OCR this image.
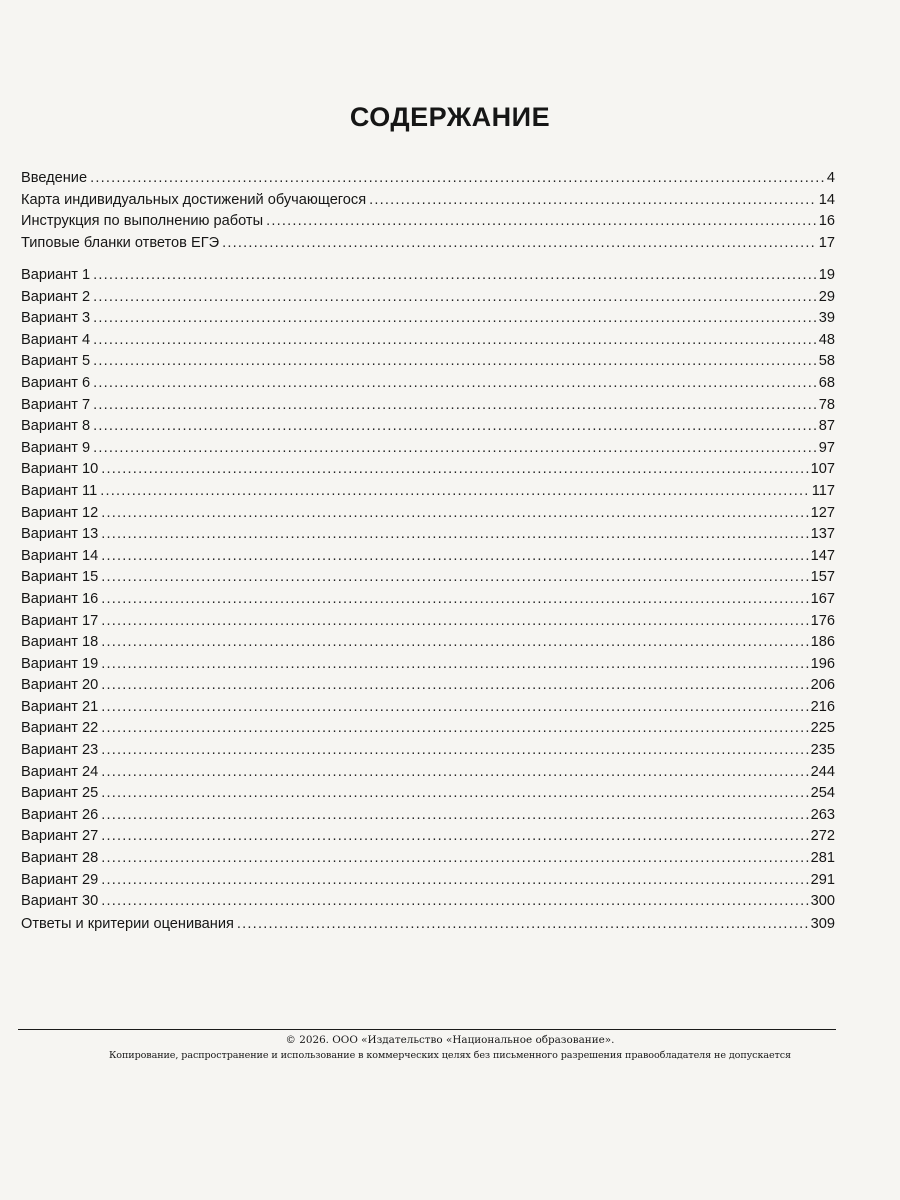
СОДЕРЖАНИЕ
Введение .....	4
Карта индивидуальных достижений обучающегося .....	14
Инструкция по выполнению работы .....	16
Типовые бланки ответов ЕГЭ .....	17
Вариант 1 .....	19
Вариант 2 .....	29
Вариант 3 .....	39
Вариант 4 .....	48
Вариант 5 .....	58
Вариант 6 .....	68
Вариант 7 .....	78
Вариант 8 .....	87
Вариант 9 .....	97
Вариант 10 .....	107
Вариант 11 .....	117
Вариант 12 .....	127
Вариант 13 .....	137
Вариант 14 .....	147
Вариант 15 .....	157
Вариант 16 .....	167
Вариант 17 .....	176
Вариант 18 .....	186
Вариант 19 .....	196
Вариант 20 .....	206
Вариант 21 .....	216
Вариант 22 .....	225
Вариант 23 .....	235
Вариант 24 .....	244
Вариант 25 .....	254
Вариант 26 .....	263
Вариант 27 .....	272
Вариант 28 .....	281
Вариант 29 .....	291
Вариант 30 .....	300
Ответы и критерии оценивания .....	309
© 2026. ООО «Издательство «Национальное образование».
Копирование, распространение и использование в коммерческих целях без письменного разрешения правообладателя не допускается
